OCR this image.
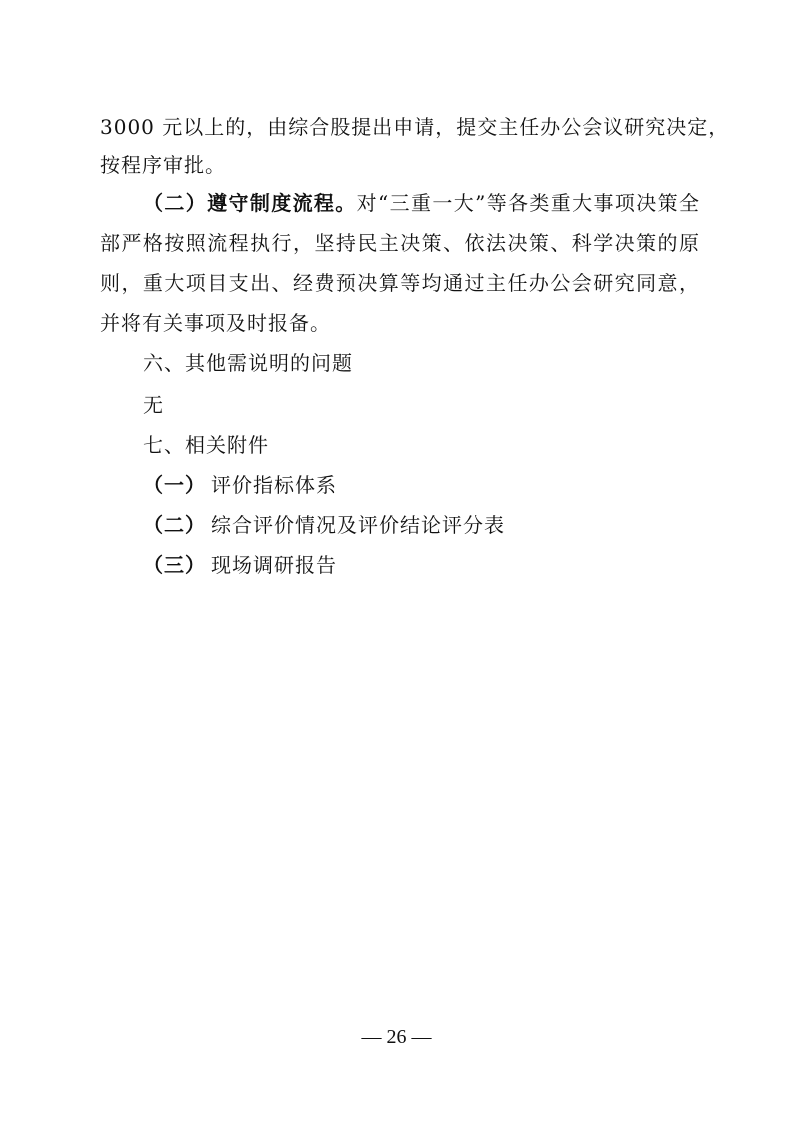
3000 元以上的，由综合股提出申请，提交主任办公会议研究决定，
按程序审批。
（二）遵守制度流程。对“三重一大”等各类重大事项决策全
部严格按照流程执行，坚持民主决策、依法决策、科学决策的原
则，重大项目支出、经费预决算等均通过主任办公会研究同意，
并将有关事项及时报备。
六、其他需说明的问题
无
七、相关附件
（一） 评价指标体系
（二） 综合评价情况及评价结论评分表
（三） 现场调研报告
— 26 —
